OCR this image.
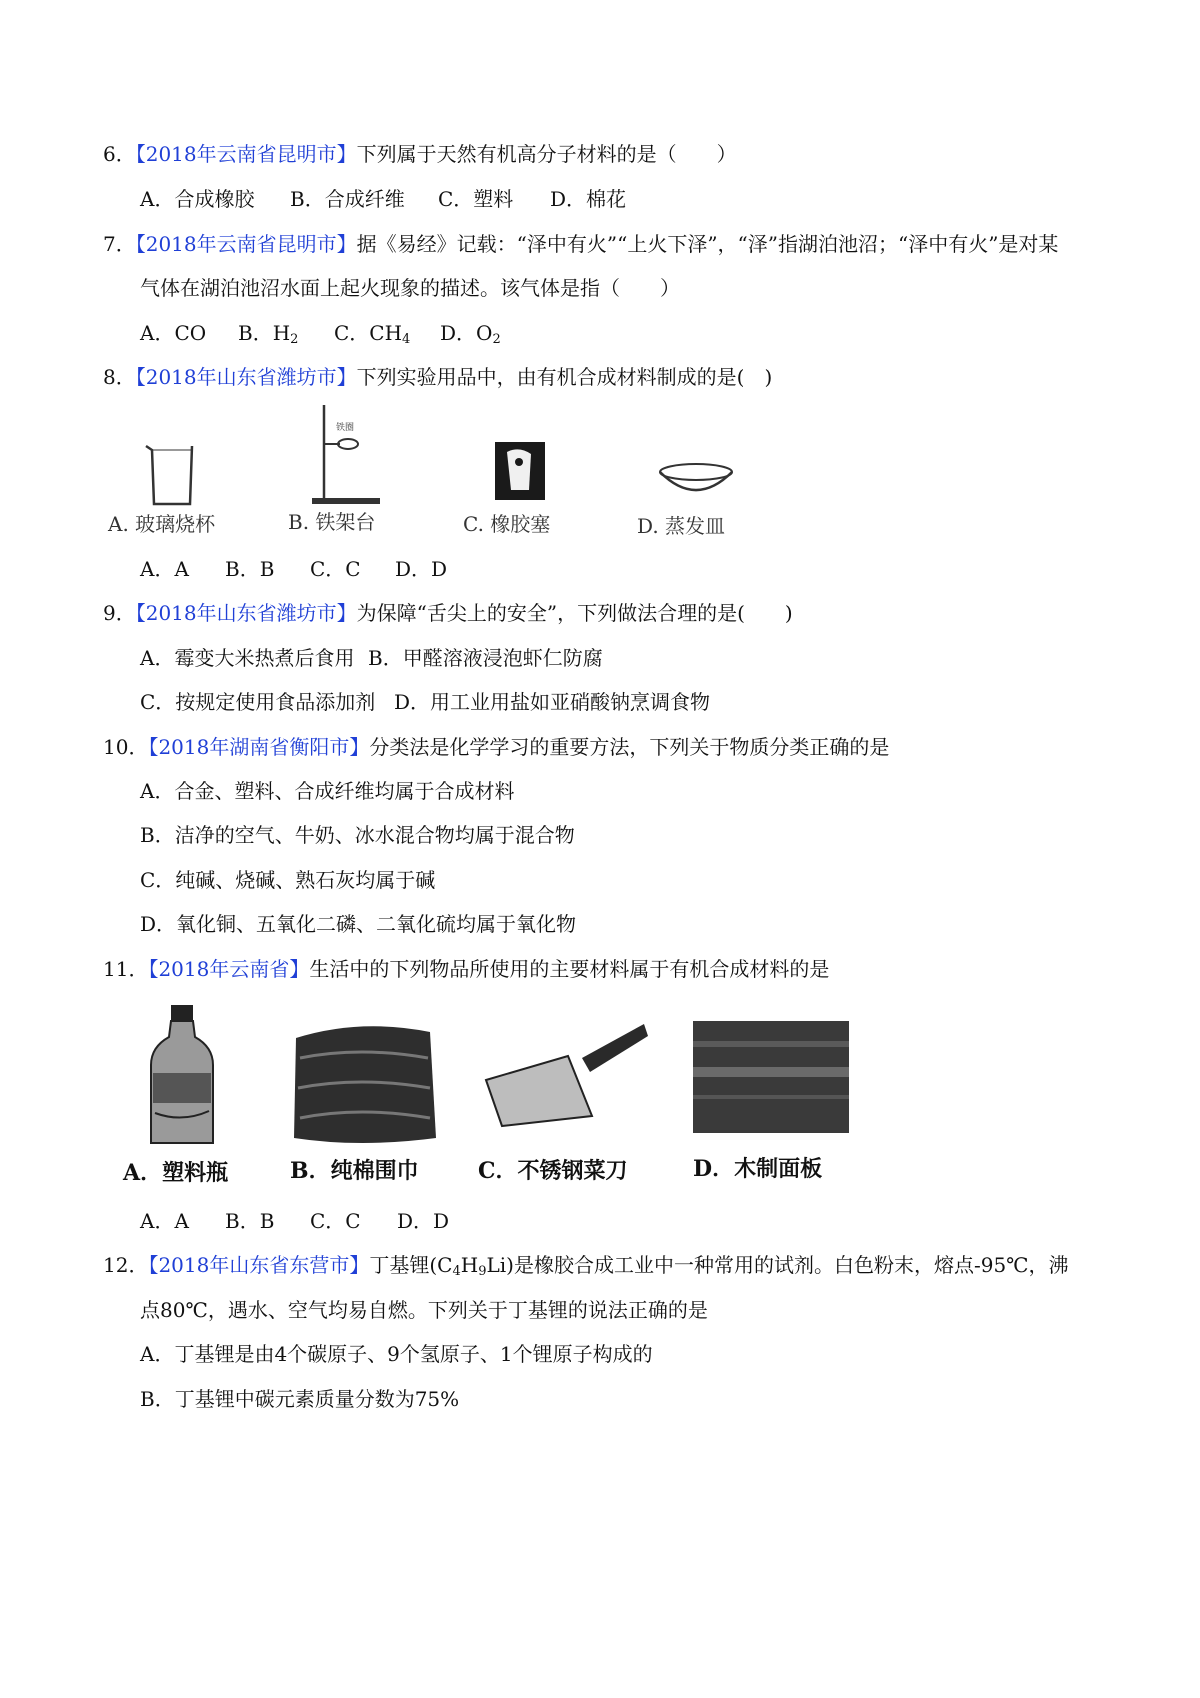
6．【2018年云南省昆明市】下列属于天然有机高分子材料的是（　　）
A．合成橡胶 B．合成纤维 C．塑料 D．棉花
7．【2018年云南省昆明市】据《易经》记载：“泽中有火”“上火下泽”，“泽”指湖泊池沼；“泽中有火”是对某
气体在湖泊池沼水面上起火现象的描述。该气体是指（　　）
A．CO B．$H_2$ C．$CH_4$ D．$O_2$
8．【2018年山东省潍坊市】下列实验用品中，由有机合成材料制成的是(　)
铁圈
A. 玻璃烧杯	B. 铁架台	C. 橡胶塞	D. 蒸发皿
A．A B．B C．C D．D
9．【2018年山东省潍坊市】为保障“舌尖上的安全”，下列做法合理的是(　　)
A．霉变大米热煮后食用 B．甲醛溶液浸泡虾仁防腐
C．按规定使用食品添加剂 D．用工业用盐如亚硝酸钠烹调食物
10．【2018年湖南省衡阳市】分类法是化学学习的重要方法，下列关于物质分类正确的是
A．合金、塑料、合成纤维均属于合成材料
B．洁净的空气、牛奶、冰水混合物均属于混合物
C．纯碱、烧碱、熟石灰均属于碱
D．氧化铜、五氧化二磷、二氧化硫均属于氧化物
11．【2018年云南省】生活中的下列物品所使用的主要材料属于有机合成材料的是
A．塑料瓶	B．纯棉围巾	C．不锈钢菜刀	D．木制面板
A．A B．B C．C D．D
12．【2018年山东省东营市】丁基锂$(C_4H_9Li)$是橡胶合成工业中一种常用的试剂。白色粉末，熔点-95℃，沸
点80℃，遇水、空气均易自燃。下列关于丁基锂的说法正确的是
A．丁基锂是由4个碳原子、9个氢原子、1个锂原子构成的
B．丁基锂中碳元素质量分数为75%
